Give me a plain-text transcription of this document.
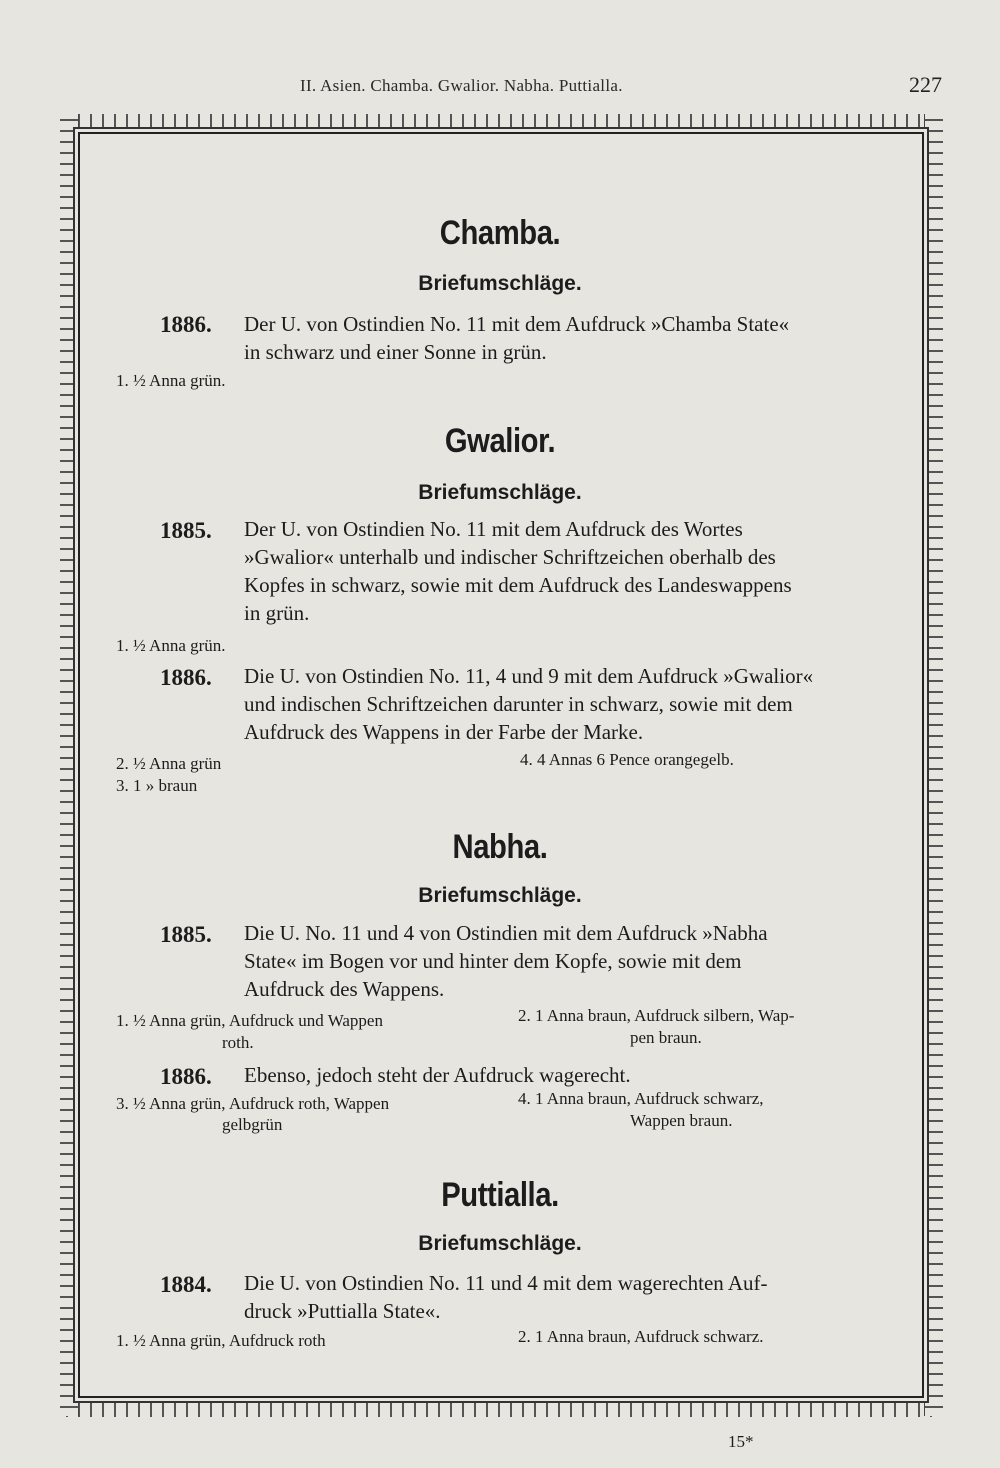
II. Asien. Chamba. Gwalior. Nabha. Puttialla.	227
Chamba.
Briefumschläge.
1886. Der U. von Ostindien No. 11 mit dem Aufdruck »Chamba State«
in schwarz und einer Sonne in grün.
1. ½ Anna grün.
Gwalior.
Briefumschläge.
1885. Der U. von Ostindien No. 11 mit dem Aufdruck des Wortes
»Gwalior« unterhalb und indischer Schriftzeichen oberhalb des
Kopfes in schwarz, sowie mit dem Aufdruck des Landeswappens
in grün.
1. ½ Anna grün.
1886. Die U. von Ostindien No. 11, 4 und 9 mit dem Aufdruck »Gwalior«
und indischen Schriftzeichen darunter in schwarz, sowie mit dem
Aufdruck des Wappens in der Farbe der Marke.
2. ½ Anna grün
3. 1 » braun
4. 4 Annas 6 Pence orangegelb.
Nabha.
Briefumschläge.
1885. Die U. No. 11 und 4 von Ostindien mit dem Aufdruck »Nabha
State« im Bogen vor und hinter dem Kopfe, sowie mit dem
Aufdruck des Wappens.
1. ½ Anna grün, Aufdruck und Wappen
roth.
2. 1 Anna braun, Aufdruck silbern, Wap-
pen braun.
1886. Ebenso, jedoch steht der Aufdruck wagerecht.
3. ½ Anna grün, Aufdruck roth, Wappen
gelbgrün
4. 1 Anna braun, Aufdruck schwarz,
Wappen braun.
Puttialla.
Briefumschläge.
1884. Die U. von Ostindien No. 11 und 4 mit dem wagerechten Auf-
druck »Puttialla State«.
1. ½ Anna grün, Aufdruck roth	2. 1 Anna braun, Aufdruck schwarz.
15*
